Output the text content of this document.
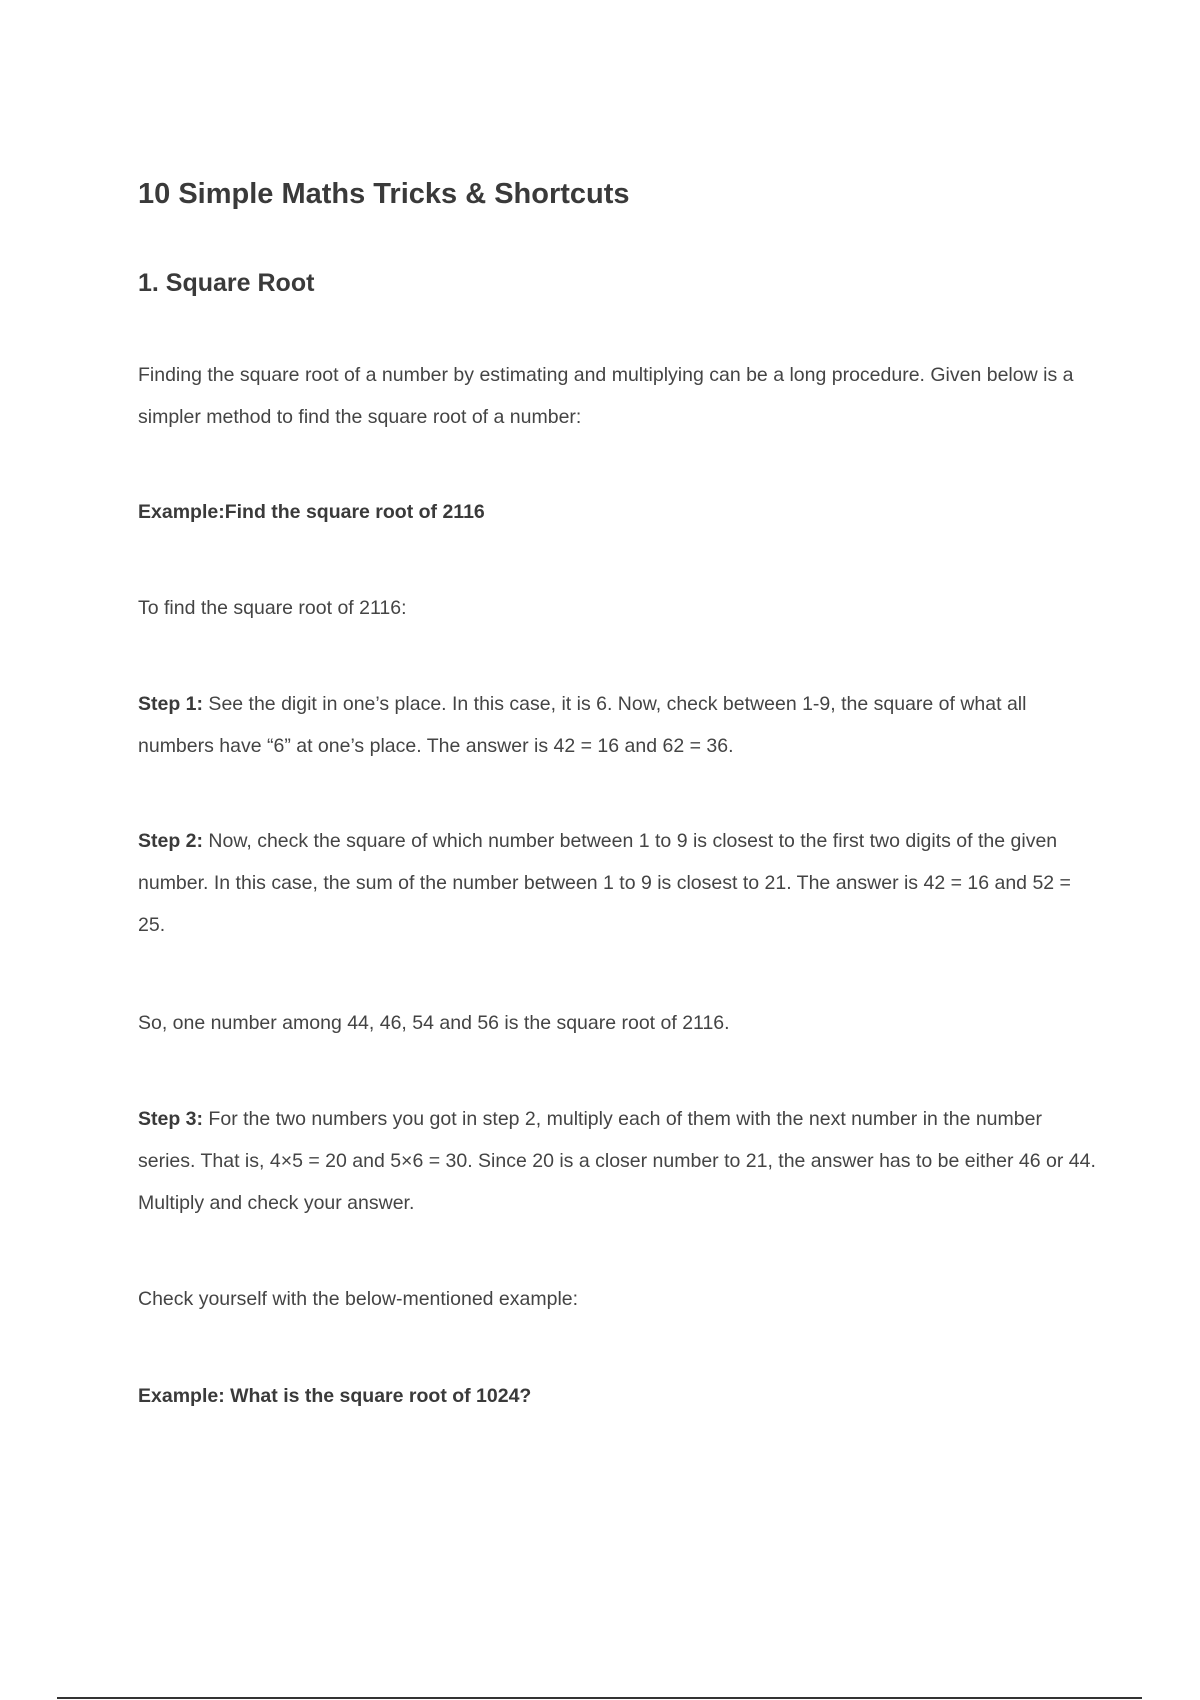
10 Simple Maths Tricks & Shortcuts
1. Square Root

Finding the square root of a number by estimating and multiplying can be a long procedure. Given below is a simpler method to find the square root of a number:

Example:Find the square root of 2116

To find the square root of 2116:

Step 1: See the digit in one’s place. In this case, it is 6. Now, check between 1-9, the square of what all numbers have “6” at one’s place. The answer is 42 = 16 and 62 = 36.

Step 2: Now, check the square of which number between 1 to 9 is closest to the first two digits of the given number. In this case, the sum of the number between 1 to 9 is closest to 21. The answer is 42 = 16 and 52 = 25.

So, one number among 44, 46, 54 and 56 is the square root of 2116.

Step 3: For the two numbers you got in step 2, multiply each of them with the next number in the number series. That is, 4×5 = 20 and 5×6 = 30. Since 20 is a closer number to 21, the answer has to be either 46 or 44. Multiply and check your answer.

Check yourself with the below-mentioned example:

Example: What is the square root of 1024?
